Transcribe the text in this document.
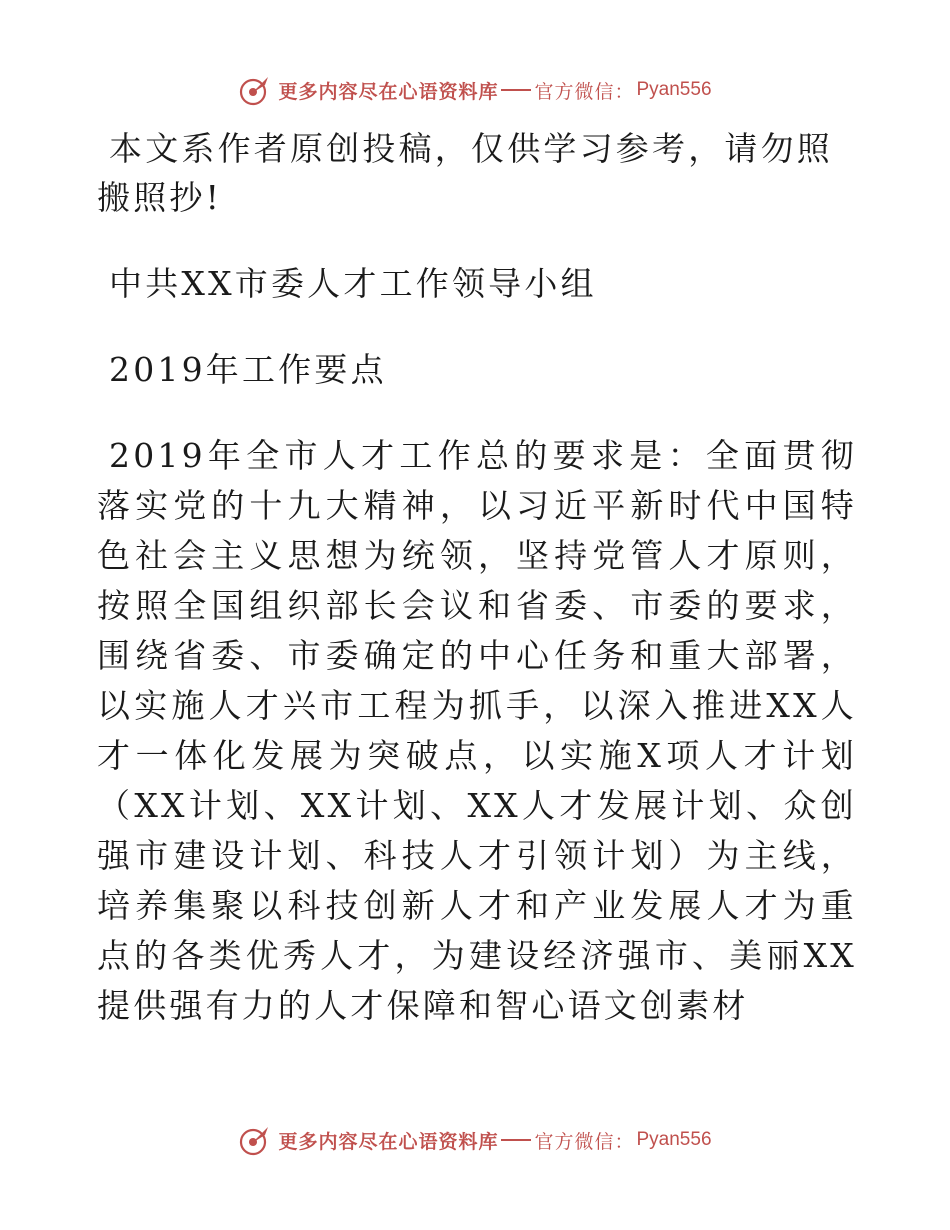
更多内容尽在心语资料库 官方微信： Pyan556

本文系作者原创投稿，仅供学习参考，请勿照搬照抄!

中共XX市委人才工作领导小组

2019年工作要点

2019年全市人才工作总的要求是：全面贯彻落实党的十九大精神，以习近平新时代中国特色社会主义思想为统领，坚持党管人才原则，按照全国组织部长会议和省委、市委的要求，围绕省委、市委确定的中心任务和重大部署，以实施人才兴市工程为抓手，以深入推进XX人才一体化发展为突破点，以实施X项人才计划（XX计划、XX计划、XX人才发展计划、众创强市建设计划、科技人才引领计划）为主线，培养集聚以科技创新人才和产业发展人才为重点的各类优秀人才，为建设经济强市、美丽XX提供强有力的人才保障和智心语文创素材

更多内容尽在心语资料库 官方微信： Pyan556
